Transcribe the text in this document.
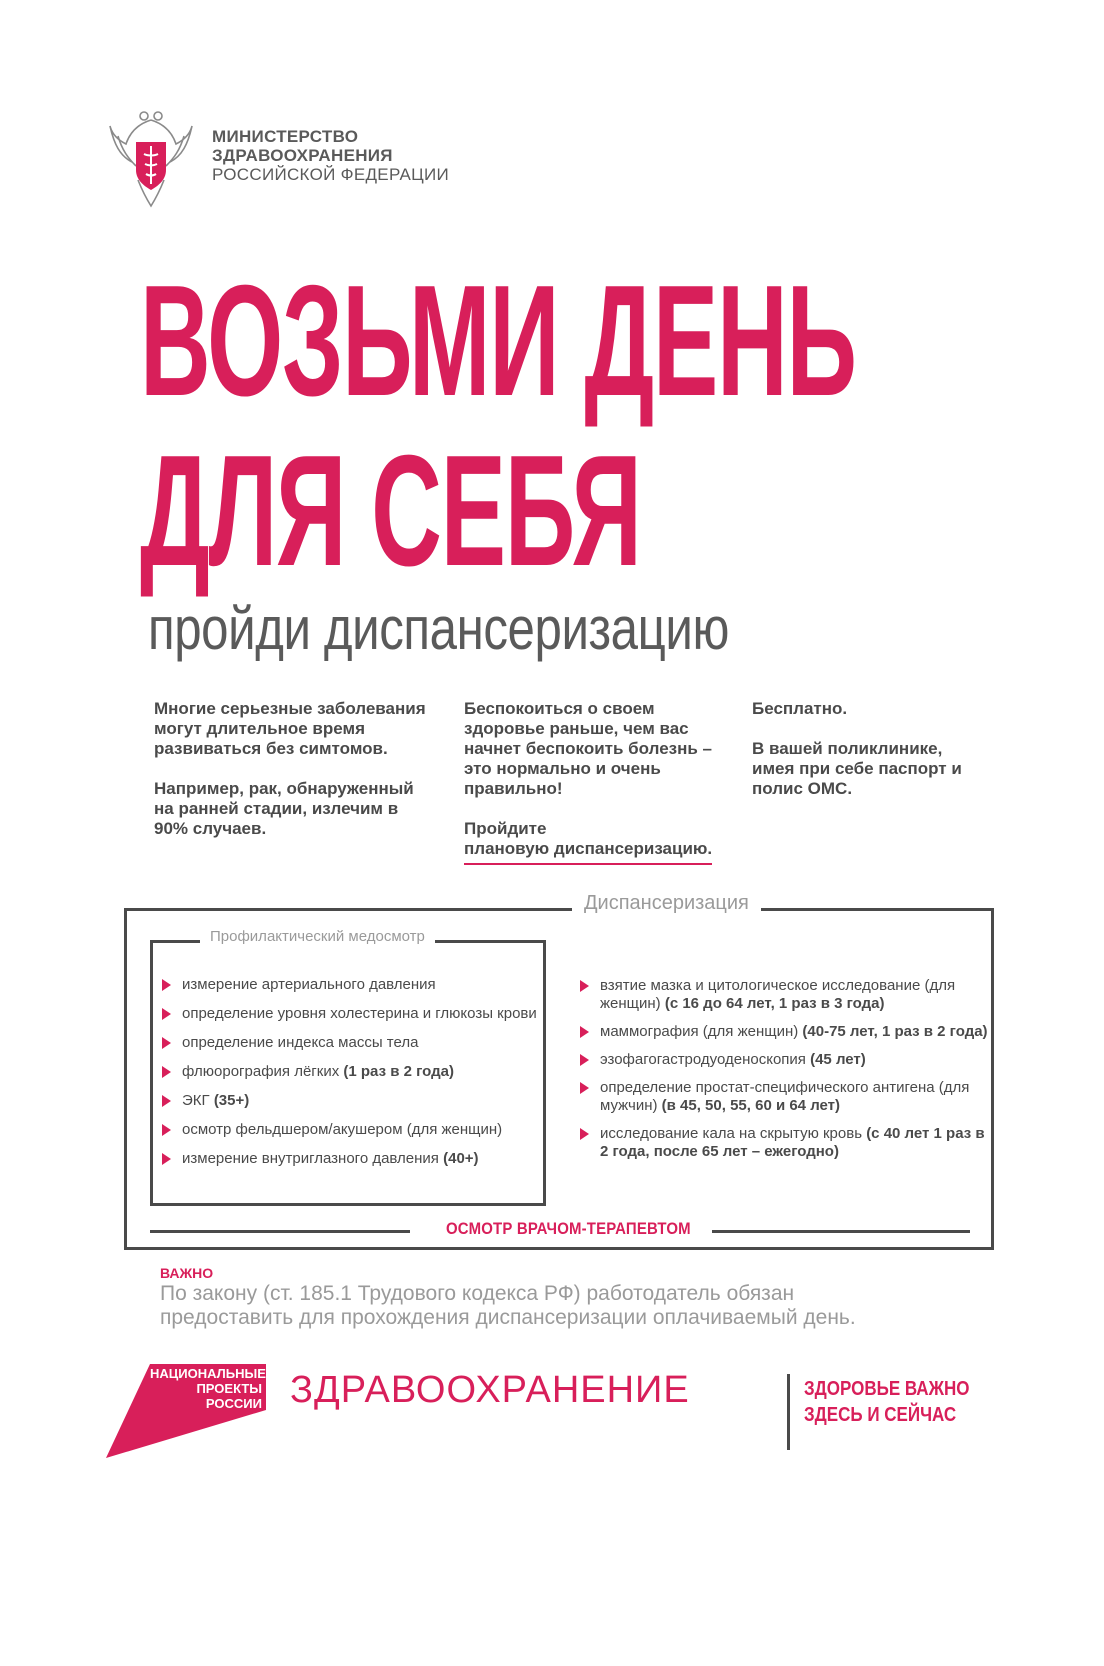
МИНИСТЕРСТВО
ЗДРАВООХРАНЕНИЯ
РОССИЙСКОЙ ФЕДЕРАЦИИ
ВОЗЬМИ ДЕНЬ
ДЛЯ СЕБЯ
пройди диспансеризацию

Многие серьезные заболевания могут длительное время развиваться без симтомов.

Например, рак, обнаруженный на ранней стадии, излечим в 90% случаев.

Беспокоиться о своем здоровье раньше, чем вас начнет беспокоить болезнь – это нормально и очень правильно!

Пройдите
плановую диспансеризацию.

Бесплатно.

В вашей поликлинике, имея при себе паспорт и полис ОМС.

Диспансеризация
Профилактический медосмотр
измерение артериального давления
определение уровня холестерина и глюкозы крови
определение индекса массы тела
флюорография лёгких (1 раз в 2 года)
ЭКГ (35+)
осмотр фельдшером/акушером (для женщин)
измерение внутриглазного давления (40+)
взятие мазка и цитологическое исследование (для женщин) (с 16 до 64 лет, 1 раз в 3 года)
маммография (для женщин) (40-75 лет, 1 раз в 2 года)
эзофагогастродуоденоскопия (45 лет)
определение простат-специфического антигена (для мужчин) (в 45, 50, 55, 60 и 64 лет)
исследование кала на скрытую кровь (с 40 лет 1 раз в 2 года, после 65 лет – ежегодно)
ОСМОТР ВРАЧОМ-ТЕРАПЕВТОМ
ВАЖНО
По закону (ст. 185.1 Трудового кодекса РФ) работодатель обязан предоставить для прохождения диспансеризации оплачиваемый день.
НАЦИОНАЛЬНЫЕ
ПРОЕКТЫ
РОССИИ ЗДРАВООХРАНЕНИЕ	ЗДОРОВЬЕ ВАЖНО
ЗДЕСЬ И СЕЙЧАС
